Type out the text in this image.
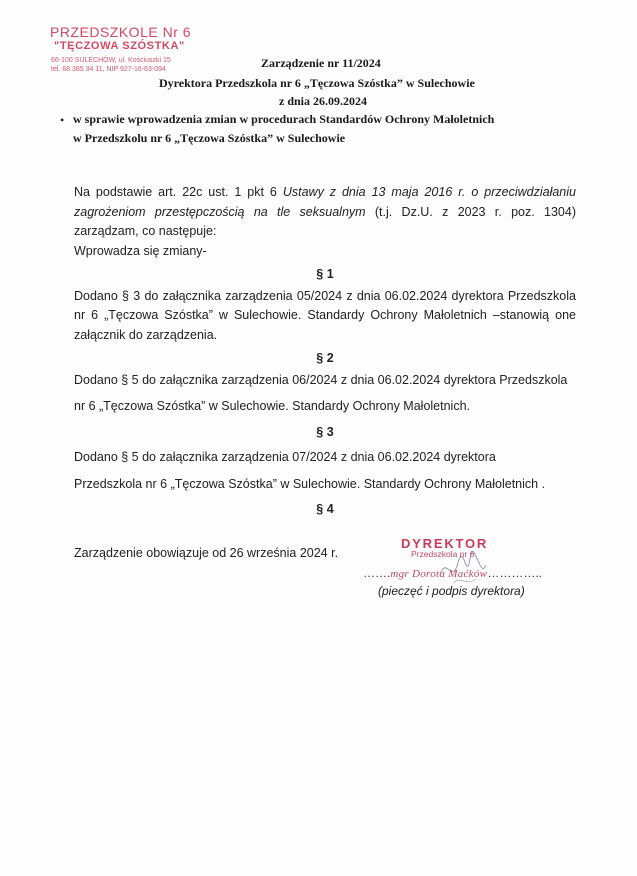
PRZEDSZKOLE Nr 6
"TĘCZOWA SZÓSTKA"
66-100 SULECHÓW, ul. Kościuszki 15
tel. 68 385 34 11, NIP 927-16-63-094	Zarządzenie nr 11/2024
Dyrektora Przedszkola nr 6 „Tęczowa Szóstka” w Sulechowie
z dnia 26.09.2024
• w sprawie wprowadzenia zmian w procedurach Standardów Ochrony Małoletnich
w Przedszkolu nr 6 „Tęczowa Szóstka” w Sulechowie

Na podstawie art. 22c ust. 1 pkt 6 Ustawy z dnia 13 maja 2016 r. o przeciwdziałaniu zagrożeniom przestępczością na tle seksualnym (t.j. Dz.U. z 2023 r. poz. 1304) zarządzam, co następuje:

Wprowadza się zmiany-

§ 1

Dodano § 3 do załącznika zarządzenia 05/2024 z dnia 06.02.2024 dyrektora Przedszkola nr 6 „Tęczowa Szóstka” w Sulechowie. Standardy Ochrony Małoletnich –stanowią one załącznik do zarządzenia.

§ 2

Dodano § 5 do załącznika zarządzenia 06/2024 z dnia 06.02.2024 dyrektora Przedszkola

nr 6 „Tęczowa Szóstka” w Sulechowie. Standardy Ochrony Małoletnich.

§ 3

Dodano § 5 do załącznika zarządzenia 07/2024 z dnia 06.02.2024 dyrektora

Przedszkola nr 6 „Tęczowa Szóstka” w Sulechowie. Standardy Ochrony Małoletnich .

§ 4

Zarządzenie obowiązuje od 26 września 2024 r.

DYREKTOR
Przedszkola nr 6
…….mgr Dorota Maćków…………..
(pieczęć i podpis dyrektora)
